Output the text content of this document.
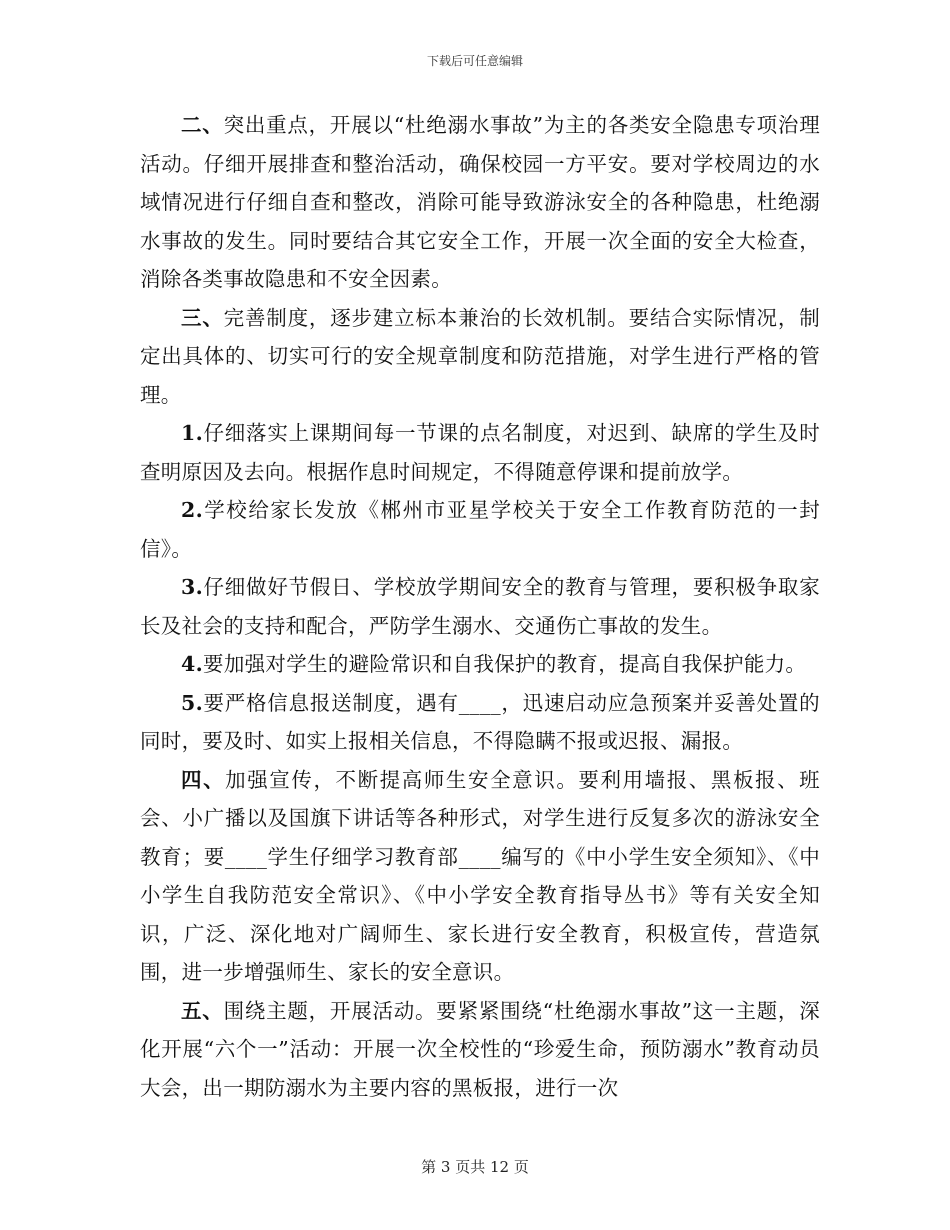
下载后可任意编辑

二、突出重点，开展以“杜绝溺水事故”为主的各类安全隐患专项治理活动。仔细开展排查和整治活动，确保校园一方平安。要对学校周边的水域情况进行仔细自查和整改，消除可能导致游泳安全的各种隐患，杜绝溺水事故的发生。同时要结合其它安全工作，开展一次全面的安全大检查，消除各类事故隐患和不安全因素。

三、完善制度，逐步建立标本兼治的长效机制。要结合实际情况，制定出具体的、切实可行的安全规章制度和防范措施，对学生进行严格的管理。

1.仔细落实上课期间每一节课的点名制度，对迟到、缺席的学生及时查明原因及去向。根据作息时间规定，不得随意停课和提前放学。

2.学校给家长发放《郴州市亚星学校关于安全工作教育防范的一封信》。

3.仔细做好节假日、学校放学期间安全的教育与管理，要积极争取家长及社会的支持和配合，严防学生溺水、交通伤亡事故的发生。

4.要加强对学生的避险常识和自我保护的教育，提高自我保护能力。

5.要严格信息报送制度，遇有____，迅速启动应急预案并妥善处置的同时，要及时、如实上报相关信息，不得隐瞒不报或迟报、漏报。

四、加强宣传，不断提高师生安全意识。要利用墙报、黑板报、班会、小广播以及国旗下讲话等各种形式，对学生进行反复多次的游泳安全教育；要____学生仔细学习教育部____编写的《中小学生安全须知》、《中小学生自我防范安全常识》、《中小学安全教育指导丛书》等有关安全知识，广泛、深化地对广阔师生、家长进行安全教育，积极宣传，营造氛围，进一步增强师生、家长的安全意识。

五、围绕主题，开展活动。要紧紧围绕“杜绝溺水事故”这一主题，深化开展“六个一”活动：开展一次全校性的“珍爱生命，预防溺水”教育动员大会，出一期防溺水为主要内容的黑板报，进行一次

第 3 页共 12 页
